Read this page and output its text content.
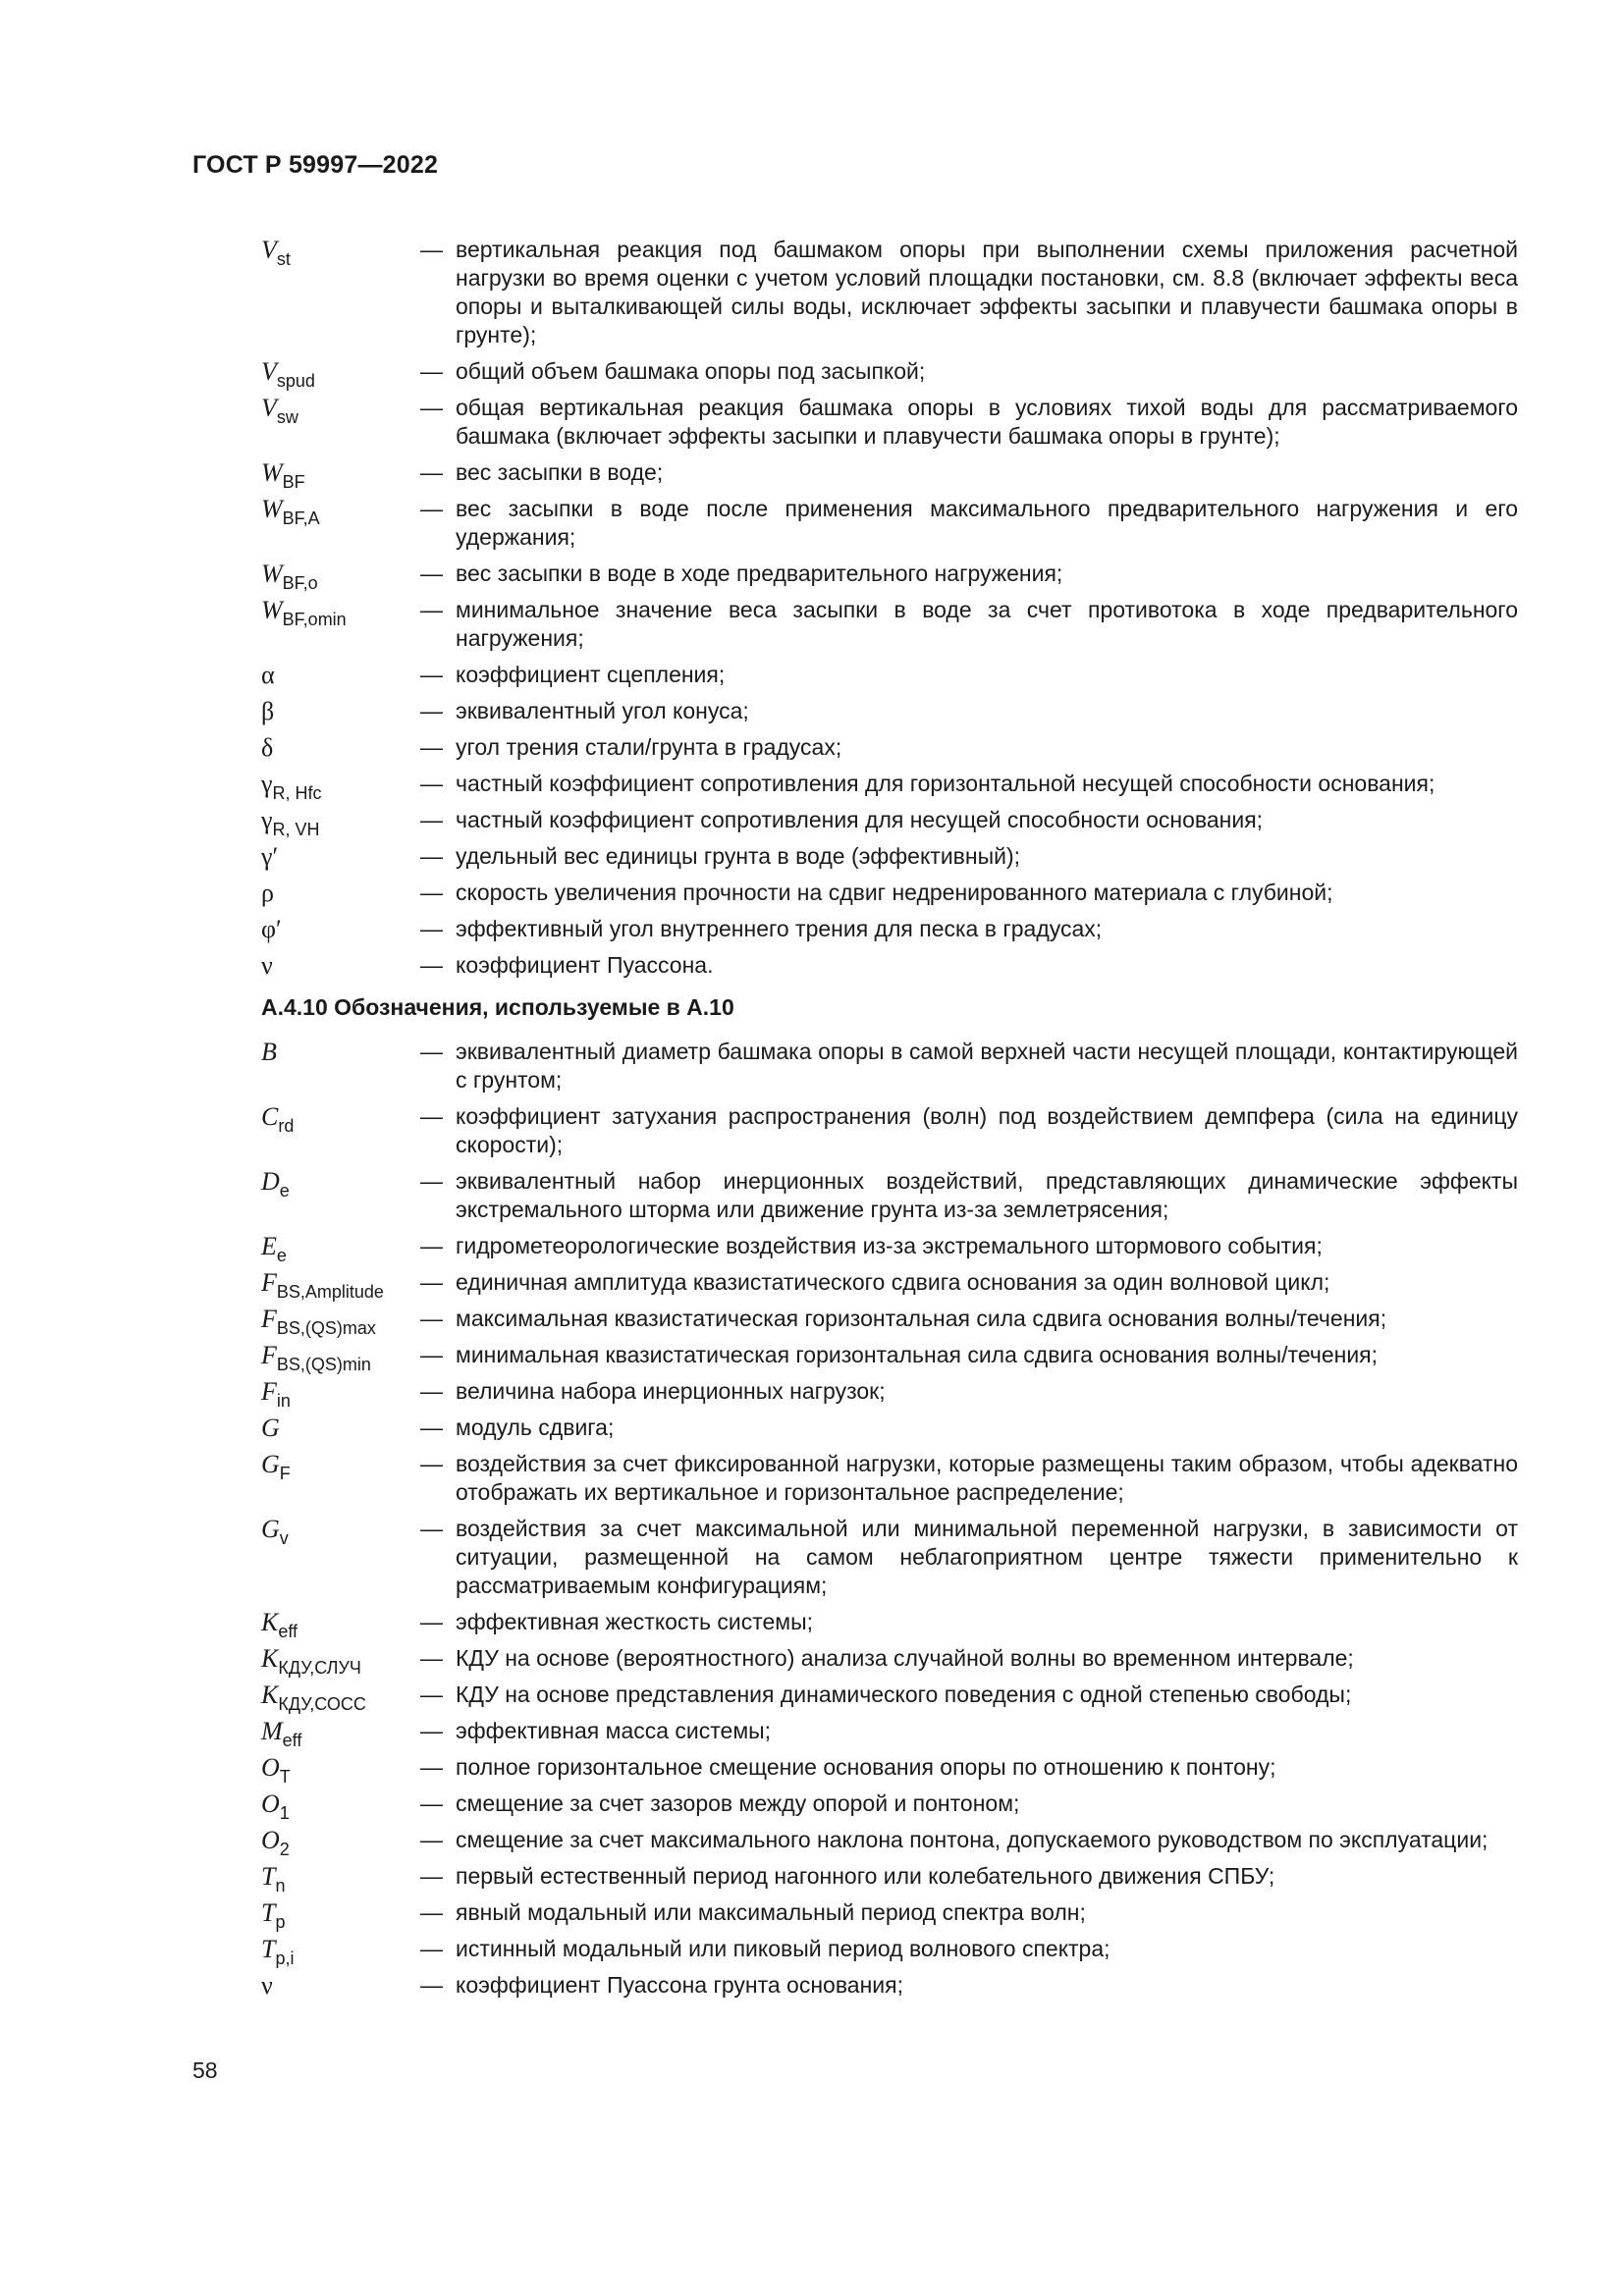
ГОСТ Р 59997—2022
$V_{st}$	— вертикальная реакция под башмаком опоры при выполнении схемы приложения расчетной нагрузки во время оценки с учетом условий площадки постановки, см. 8.8 (включает эффекты веса опоры и выталкивающей силы воды, исключает эффекты засыпки и плавучести башмака опоры в грунте);
$V_{spud}$	— общий объем башмака опоры под засыпкой;
$V_{sw}$	— общая вертикальная реакция башмака опоры в условиях тихой воды для рассматриваемого башмака (включает эффекты засыпки и плавучести башмака опоры в грунте);
$W_{BF}$	— вес засыпки в воде;
$W_{BF,A}$	— вес засыпки в воде после применения максимального предварительного нагружения и его удержания;
$W_{BF,o}$	— вес засыпки в воде в ходе предварительного нагружения;
$W_{BF,omin}$	— минимальное значение веса засыпки в воде за счет противотока в ходе предварительного нагружения;
α	— коэффициент сцепления;
β	— эквивалентный угол конуса;
δ	— угол трения стали/грунта в градусах;
$\gamma_{R, Hfc}$	— частный коэффициент сопротивления для горизонтальной несущей способности основания;
$\gamma_{R, VH}$	— частный коэффициент сопротивления для несущей способности основания;
γ′	— удельный вес единицы грунта в воде (эффективный);
ρ	— скорость увеличения прочности на сдвиг недренированного материала с глубиной;
φ′	— эффективный угол внутреннего трения для песка в градусах;
ν	— коэффициент Пуассона.
А.4.10 Обозначения, используемые в А.10
B	— эквивалентный диаметр башмака опоры в самой верхней части несущей площади, контактирующей с грунтом;
$C_{rd}$	— коэффициент затухания распространения (волн) под воздействием демпфера (сила на единицу скорости);
$D_e$	— эквивалентный набор инерционных воздействий, представляющих динамические эффекты экстремального шторма или движение грунта из-за землетрясения;
$E_e$	— гидрометеорологические воздействия из-за экстремального штормового события;
$F_{BS,Amplitude}$	— единичная амплитуда квазистатического сдвига основания за один волновой цикл;
$F_{BS,(QS)max}$	— максимальная квазистатическая горизонтальная сила сдвига основания волны/течения;
$F_{BS,(QS)min}$	— минимальная квазистатическая горизонтальная сила сдвига основания волны/течения;
$F_{in}$	— величина набора инерционных нагрузок;
G	— модуль сдвига;
$G_F$	— воздействия за счет фиксированной нагрузки, которые размещены таким образом, чтобы адекватно отображать их вертикальное и горизонтальное распределение;
$G_v$	— воздействия за счет максимальной или минимальной переменной нагрузки, в зависимости от ситуации, размещенной на самом неблагоприятном центре тяжести применительно к рассматриваемым конфигурациям;
$K_{eff}$	— эффективная жесткость системы;
$K_{КДУ,СЛУЧ}$	— КДУ на основе (вероятностного) анализа случайной волны во временном интервале;
$K_{КДУ,СОСС}$	— КДУ на основе представления динамического поведения с одной степенью свободы;
$M_{eff}$	— эффективная масса системы;
$O_T$	— полное горизонтальное смещение основания опоры по отношению к понтону;
$O_1$	— смещение за счет зазоров между опорой и понтоном;
$O_2$	— смещение за счет максимального наклона понтона, допускаемого руководством по эксплуатации;
$T_n$	— первый естественный период нагонного или колебательного движения СПБУ;
$T_p$	— явный модальный или максимальный период спектра волн;
$T_{p,i}$	— истинный модальный или пиковый период волнового спектра;
ν	— коэффициент Пуассона грунта основания;
58
